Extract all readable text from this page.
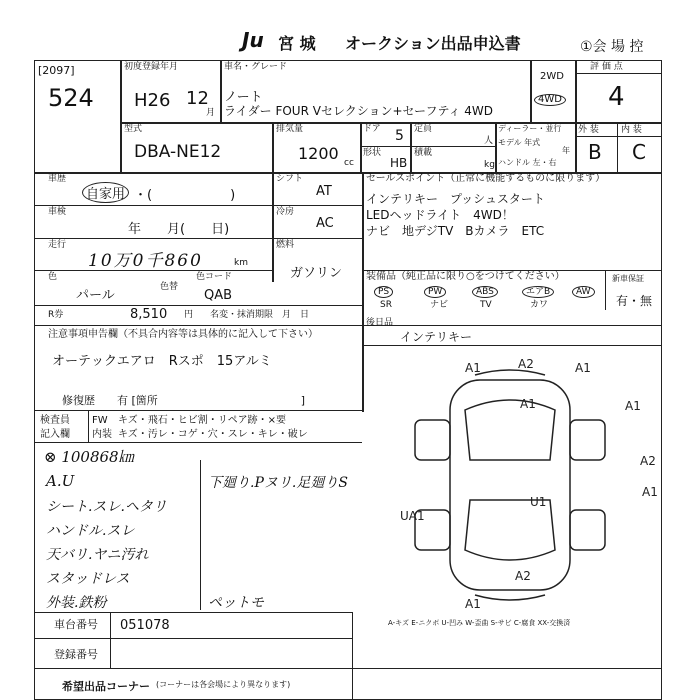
Ju 宮 城 オークション出品申込書	①会 場 控
[2097]
524
初度登録年月
H26 12
月
車名・グレード
ノート
ライダー FOUR Vセレクション+セーフティ 4WD
2WD
4WD
評 価 点
4
型式
DBA-NE12
排気量
1200 cc
ドア 5 定員
人
形状
HB
積載
kg
ディーラー・並行
モデル 年式
年
ハンドル 左・右
外 装 内 装
B C
車歴
自家用 ・(　　　　　　)
シフト
AT
車検
年　　月(　　日)
冷房
AC
走行
10万0千860	km
燃料
ガソリン
色
パール
色替
色コード
QAB
R券	8,510 円 名変・抹消期限　月　日
セールスポイント（正常に機能するものに限ります）
インテリキー　プッシュスタート
LEDヘッドライト　4WD！
ナビ　地デジTV　Bカメラ　ETC
装備品（純正品に限り○をつけてください）	新車保証
PS	PW	ABS	エアB	AW
SR	ナビ	TV	カワ	有・無
後日品
インテリキー
注意事項申告欄（不具合内容等は具体的に記入して下さい）
オーテックエアロ　Rスポ　15アルミ
修復歴　　有 [箇所　　　　　　　　　　　　　]
検査員
記入欄
FW キズ・飛石・ヒビ割・リペア跡・×要
内装 キズ・汚レ・コゲ・穴・スレ・キレ・破レ
⊗ 100868㎞
A.U
シート.スレ.ヘタリ
ハンドル.スレ
天バリ.ヤニ汚れ
スタッドレス
外装.鉄粉
下廻り.Pヌリ.足廻りS
ペットモ
A1	A2	A1
A1	A1
A2
A1
U1
UA1
A2
A1
車台番号 051078
登録番号
A-キズ E-ニクボ U-凹み W-歪曲 S-サビ C-腐食 XX-交換済
希望出品コーナー (コーナーは各会場により異なります)
